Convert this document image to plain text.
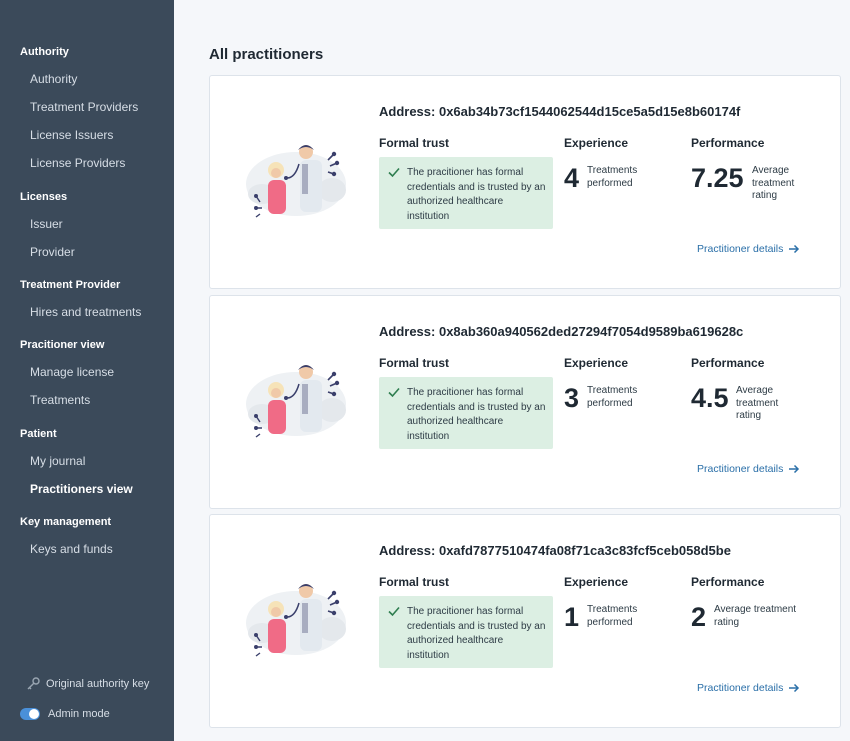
Authority
Authority
Treatment Providers
License Issuers
License Providers
Licenses
Issuer
Provider
Treatment Provider
Hires and treatments
Pracitioner view
Manage license
Treatments
Patient
My journal
Practitioners view
Key management
Keys and funds
Original authority key
Admin mode
All practitioners
Address: 0x6ab34b73cf1544062544d15ce5a5d15e8b60174f
Formal trust	Experience	Performance
The pracitioner has formal credentials and is trusted by an authorized healthcare institution
4 Treatments performed	7.25 Average treatment rating
Practitioner details
Address: 0x8ab360a940562ded27294f7054d9589ba619628c
Formal trust	Experience	Performance
The pracitioner has formal credentials and is trusted by an authorized healthcare institution
3 Treatments performed	4.5 Average treatment rating
Practitioner details
Address: 0xafd7877510474fa08f71ca3c83fcf5ceb058d5be
Formal trust	Experience	Performance
The pracitioner has formal credentials and is trusted by an authorized healthcare institution
1 Treatments performed	2 Average treatment rating
Practitioner details
